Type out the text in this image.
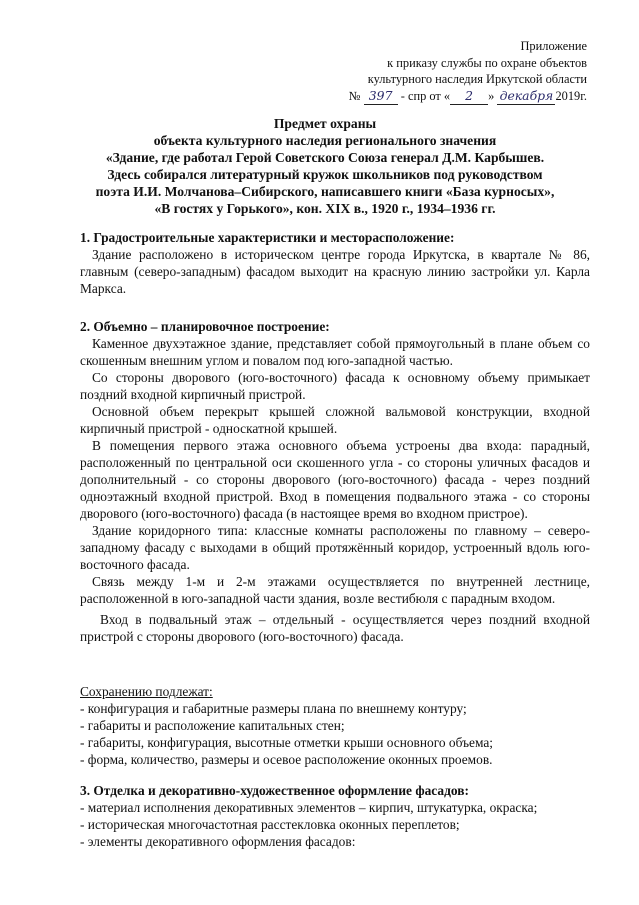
Приложение
к приказу службы по охране объектов
культурного наследия Иркутской области
№ 397 - спр от « 2 » декабря 2019г.
Предмет охраны
объекта культурного наследия регионального значения
«Здание, где работал Герой Советского Союза генерал Д.М. Карбышев.
Здесь собирался литературный кружок школьников под руководством
поэта И.И. Молчанова–Сибирского, написавшего книги «База курносых»,
«В гостях у Горького», кон. XIX в., 1920 г., 1934–1936 гг.
1. Градостроительные характеристики и месторасположение:
Здание расположено в историческом центре города Иркутска, в квартале № 86, главным (северо-западным) фасадом выходит на красную линию застройки ул. Карла Маркса.
2. Объемно – планировочное построение:
Каменное двухэтажное здание, представляет собой прямоугольный в плане объем со скошенным внешним углом и повалом под юго-западной частью.
Со стороны дворового (юго-восточного) фасада к основному объему примыкает поздний входной кирпичный пристрой.
Основной объем перекрыт крышей сложной вальмовой конструкции, входной кирпичный пристрой - односкатной крышей.
В помещения первого этажа основного объема устроены два входа: парадный, расположенный по центральной оси скошенного угла - со стороны уличных фасадов и дополнительный - со стороны дворового (юго-восточного) фасада - через поздний одноэтажный входной пристрой. Вход в помещения подвального этажа - со стороны дворового (юго-восточного) фасада (в настоящее время во входном пристрое).
Здание коридорного типа: классные комнаты расположены по главному – северо-западному фасаду с выходами в общий протяжённый коридор, устроенный вдоль юго-восточного фасада.
Связь между 1-м и 2-м этажами осуществляется по внутренней лестнице, расположенной в юго-западной части здания, возле вестибюля с парадным входом.
Вход в подвальный этаж – отдельный - осуществляется через поздний входной пристрой с стороны дворового (юго-восточного) фасада.
Сохранению подлежат:
- конфигурация и габаритные размеры плана по внешнему контуру;
- габариты и расположение капитальных стен;
- габариты, конфигурация, высотные отметки крыши основного объема;
- форма, количество, размеры и осевое расположение оконных проемов.
3. Отделка и декоративно-художественное оформление фасадов:
- материал исполнения декоративных элементов – кирпич, штукатурка, окраска;
- историческая многочастотная расстекловка оконных переплетов;
- элементы декоративного оформления фасадов:
